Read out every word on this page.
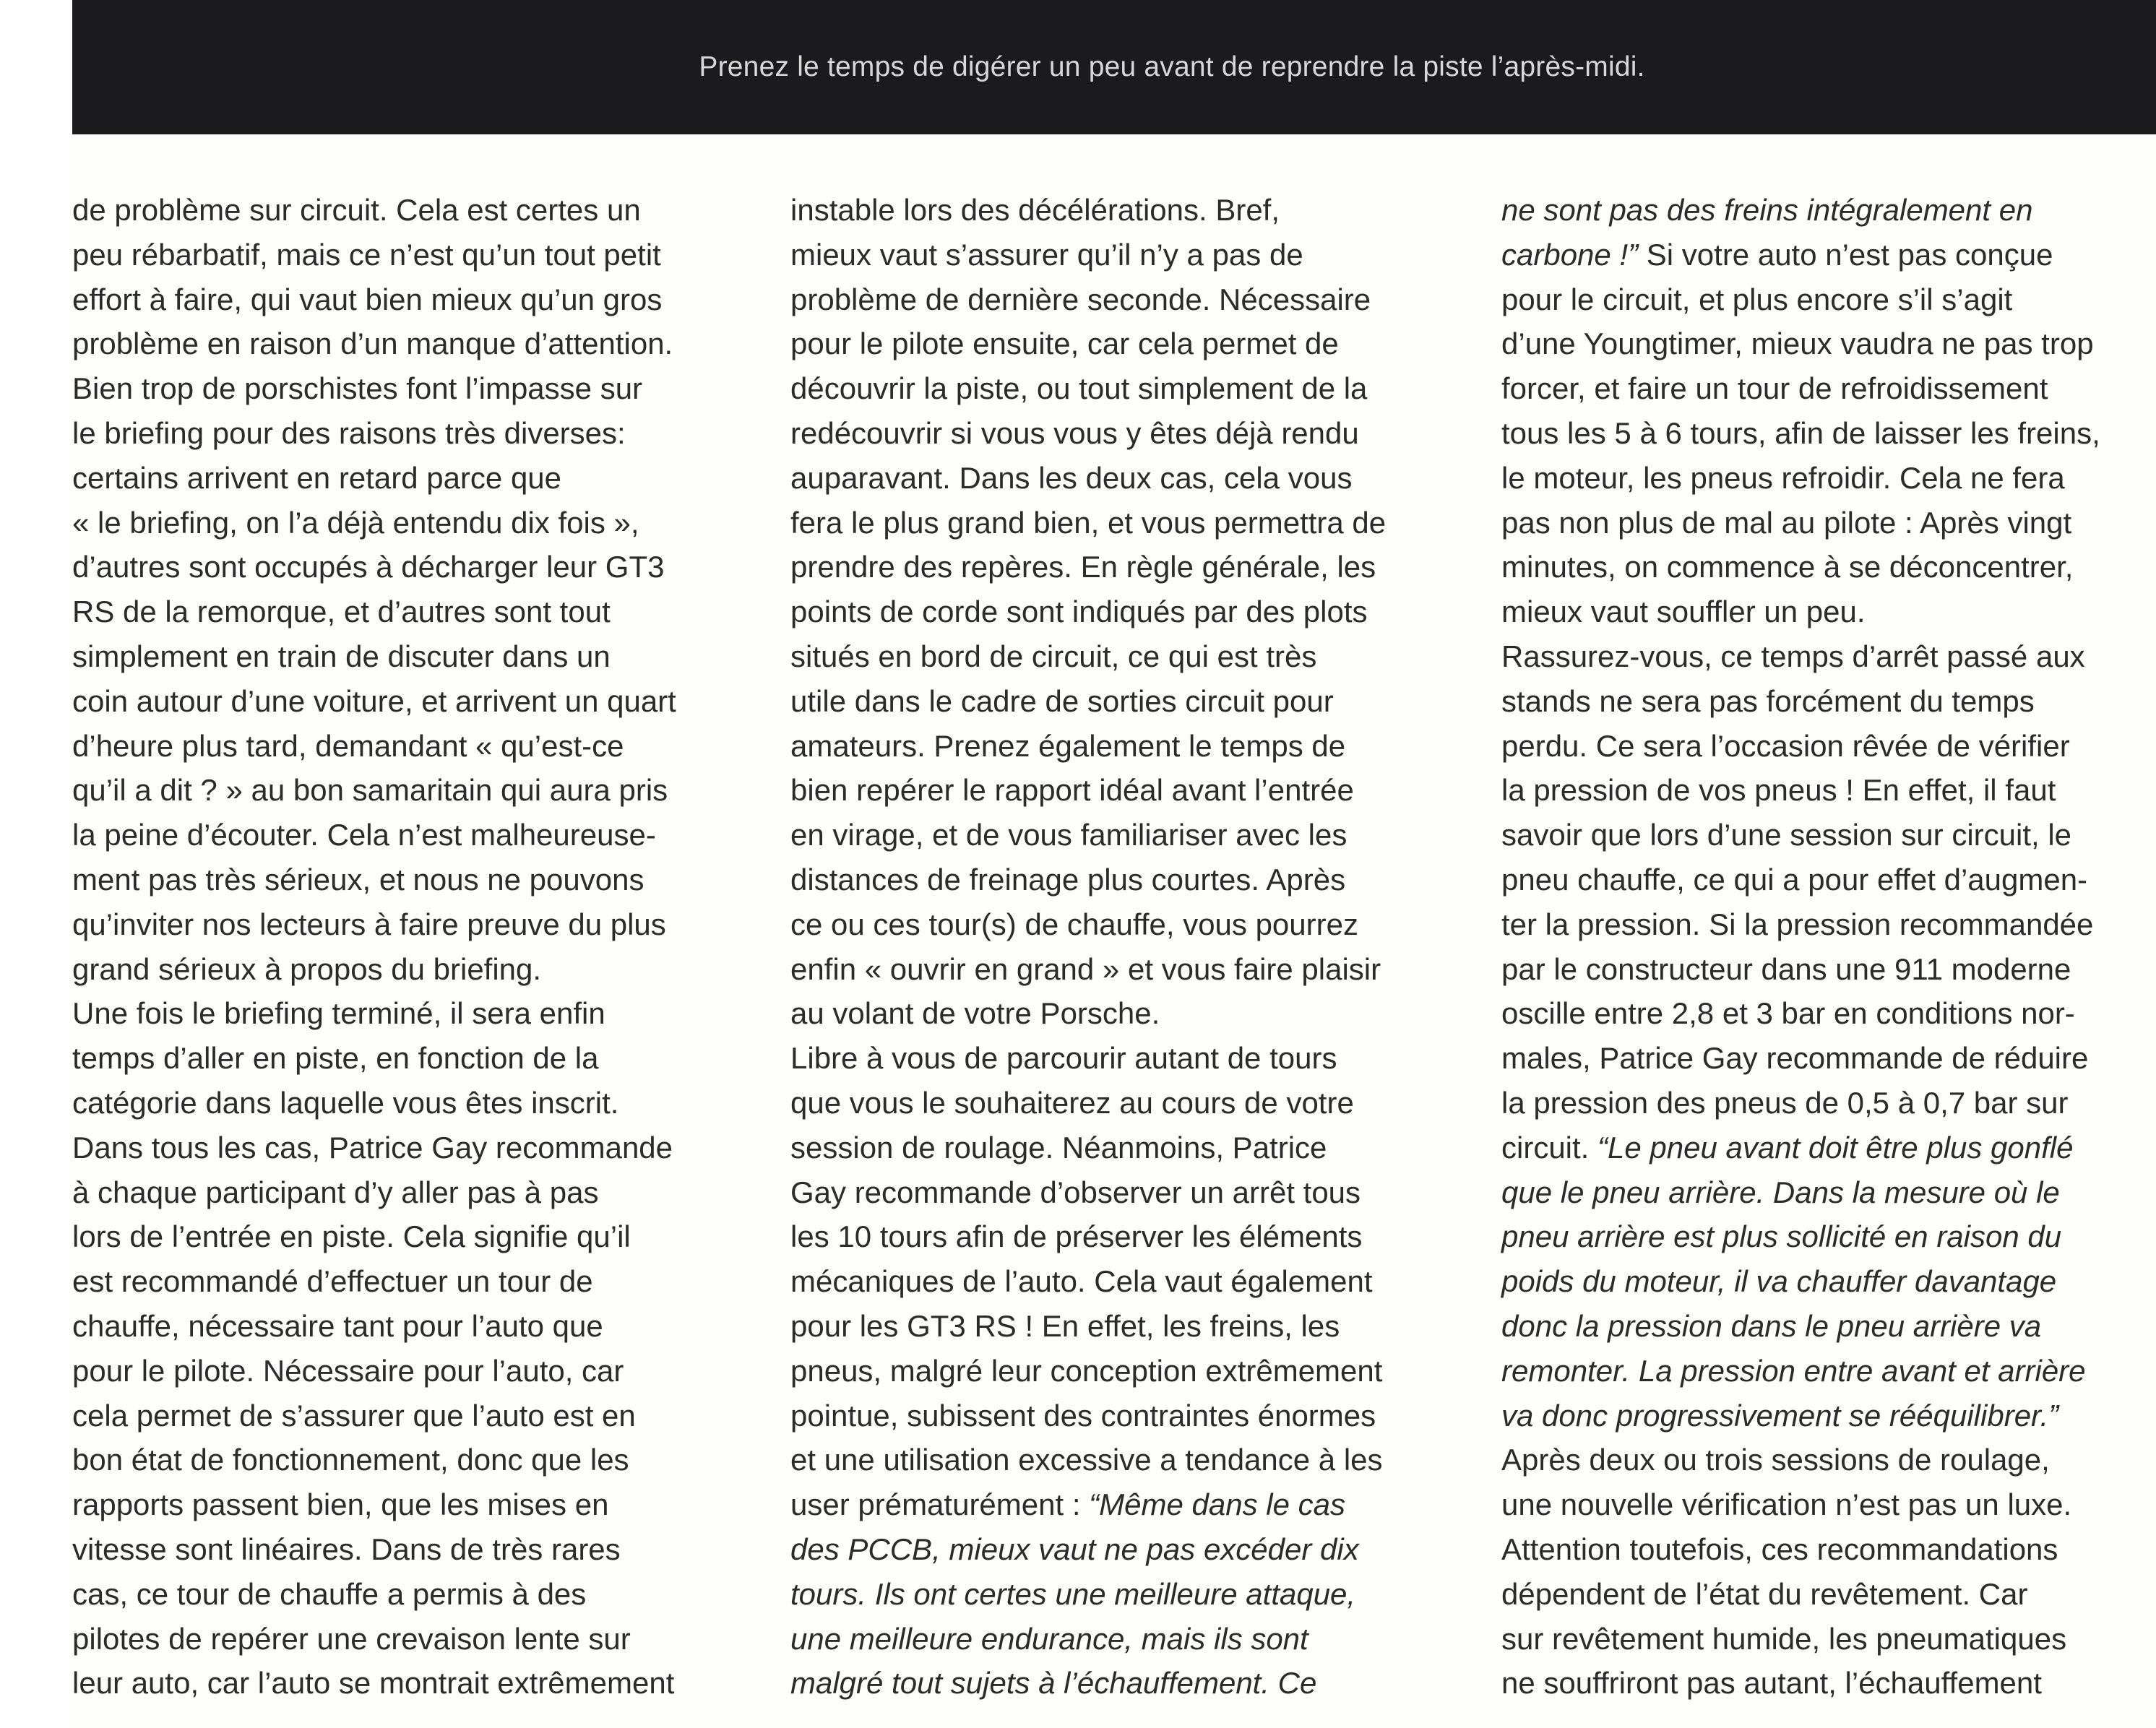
Prenez le temps de digérer un peu avant de reprendre la piste l’après-midi.
de problème sur circuit. Cela est certes un
peu rébarbatif, mais ce n’est qu’un tout petit
effort à faire, qui vaut bien mieux qu’un gros
problème en raison d’un manque d’attention.
Bien trop de porschistes font l’impasse sur
le briefing pour des raisons très diverses:
certains arrivent en retard parce que
« le briefing, on l’a déjà entendu dix fois »,
d’autres sont occupés à décharger leur GT3
RS de la remorque, et d’autres sont tout
simplement en train de discuter dans un
coin autour d’une voiture, et arrivent un quart
d’heure plus tard, demandant « qu’est-ce
qu’il a dit ? » au bon samaritain qui aura pris
la peine d’écouter. Cela n’est malheureuse-
ment pas très sérieux, et nous ne pouvons
qu’inviter nos lecteurs à faire preuve du plus
grand sérieux à propos du briefing.
Une fois le briefing terminé, il sera enfin
temps d’aller en piste, en fonction de la
catégorie dans laquelle vous êtes inscrit.
Dans tous les cas, Patrice Gay recommande
à chaque participant d’y aller pas à pas
lors de l’entrée en piste. Cela signifie qu’il
est recommandé d’effectuer un tour de
chauffe, nécessaire tant pour l’auto que
pour le pilote. Nécessaire pour l’auto, car
cela permet de s’assurer que l’auto est en
bon état de fonctionnement, donc que les
rapports passent bien, que les mises en
vitesse sont linéaires. Dans de très rares
cas, ce tour de chauffe a permis à des
pilotes de repérer une crevaison lente sur
leur auto, car l’auto se montrait extrêmement
instable lors des décélérations. Bref,
mieux vaut s’assurer qu’il n’y a pas de
problème de dernière seconde. Nécessaire
pour le pilote ensuite, car cela permet de
découvrir la piste, ou tout simplement de la
redécouvrir si vous vous y êtes déjà rendu
auparavant. Dans les deux cas, cela vous
fera le plus grand bien, et vous permettra de
prendre des repères. En règle générale, les
points de corde sont indiqués par des plots
situés en bord de circuit, ce qui est très
utile dans le cadre de sorties circuit pour
amateurs. Prenez également le temps de
bien repérer le rapport idéal avant l’entrée
en virage, et de vous familiariser avec les
distances de freinage plus courtes. Après
ce ou ces tour(s) de chauffe, vous pourrez
enfin « ouvrir en grand » et vous faire plaisir
au volant de votre Porsche.
Libre à vous de parcourir autant de tours
que vous le souhaiterez au cours de votre
session de roulage. Néanmoins, Patrice
Gay recommande d’observer un arrêt tous
les 10 tours afin de préserver les éléments
mécaniques de l’auto. Cela vaut également
pour les GT3 RS ! En effet, les freins, les
pneus, malgré leur conception extrêmement
pointue, subissent des contraintes énormes
et une utilisation excessive a tendance à les
user prématurément : “Même dans le cas
des PCCB, mieux vaut ne pas excéder dix
tours. Ils ont certes une meilleure attaque,
une meilleure endurance, mais ils sont
malgré tout sujets à l’échauffement. Ce
ne sont pas des freins intégralement en
carbone !” Si votre auto n’est pas conçue
pour le circuit, et plus encore s’il s’agit
d’une Youngtimer, mieux vaudra ne pas trop
forcer, et faire un tour de refroidissement
tous les 5 à 6 tours, afin de laisser les freins,
le moteur, les pneus refroidir. Cela ne fera
pas non plus de mal au pilote : Après vingt
minutes, on commence à se déconcentrer,
mieux vaut souffler un peu.
Rassurez-vous, ce temps d’arrêt passé aux
stands ne sera pas forcément du temps
perdu. Ce sera l’occasion rêvée de vérifier
la pression de vos pneus ! En effet, il faut
savoir que lors d’une session sur circuit, le
pneu chauffe, ce qui a pour effet d’augmen-
ter la pression. Si la pression recommandée
par le constructeur dans une 911 moderne
oscille entre 2,8 et 3 bar en conditions nor-
males, Patrice Gay recommande de réduire
la pression des pneus de 0,5 à 0,7 bar sur
circuit. “Le pneu avant doit être plus gonflé
que le pneu arrière. Dans la mesure où le
pneu arrière est plus sollicité en raison du
poids du moteur, il va chauffer davantage
donc la pression dans le pneu arrière va
remonter. La pression entre avant et arrière
va donc progressivement se rééquilibrer.”
Après deux ou trois sessions de roulage,
une nouvelle vérification n’est pas un luxe.
Attention toutefois, ces recommandations
dépendent de l’état du revêtement. Car
sur revêtement humide, les pneumatiques
ne souffriront pas autant, l’échauffement
